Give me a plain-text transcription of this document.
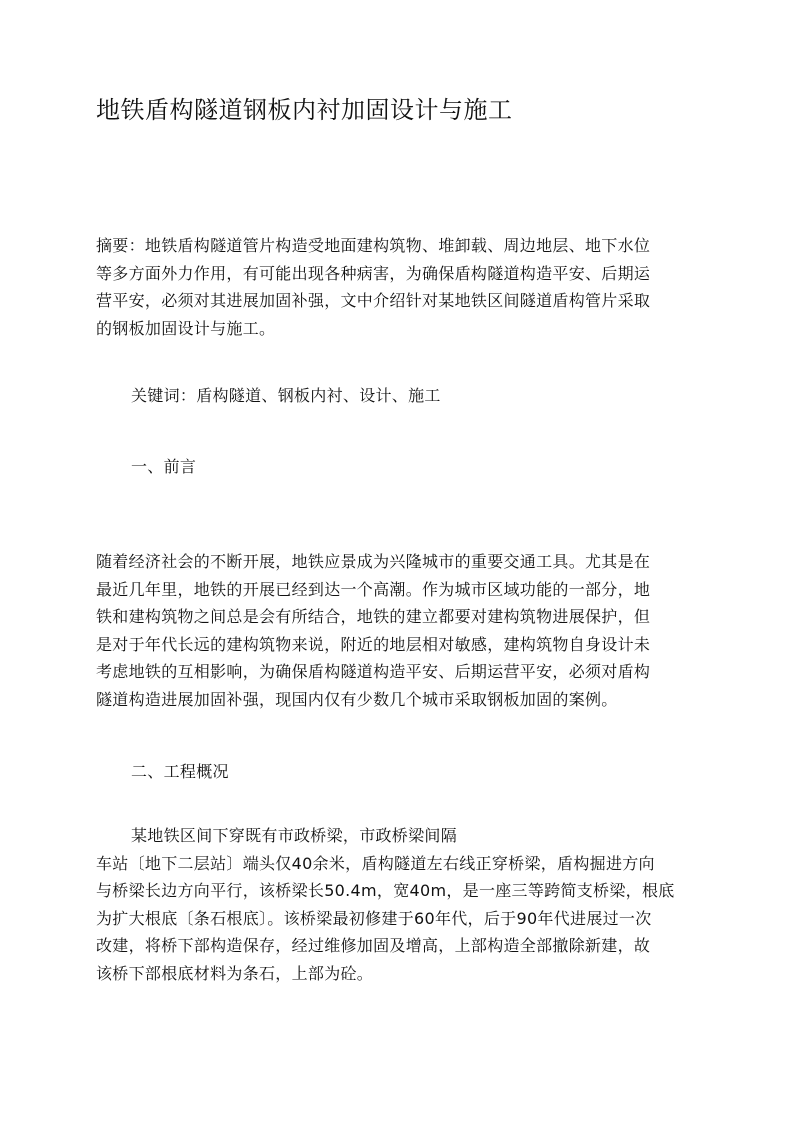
地铁盾构隧道钢板内衬加固设计与施工
摘要：地铁盾构隧道管片构造受地面建构筑物、堆卸载、周边地层、地下水位
等多方面外力作用，有可能出现各种病害，为确保盾构隧道构造平安、后期运
营平安，必须对其进展加固补强，文中介绍针对某地铁区间隧道盾构管片采取
的钢板加固设计与施工。
关键词：盾构隧道、钢板内衬、设计、施工
一、前言
随着经济社会的不断开展，地铁应景成为兴隆城市的重要交通工具。尤其是在
最近几年里，地铁的开展已经到达一个高潮。作为城市区域功能的一部分，地
铁和建构筑物之间总是会有所结合，地铁的建立都要对建构筑物进展保护，但
是对于年代长远的建构筑物来说，附近的地层相对敏感，建构筑物自身设计未
考虑地铁的互相影响，为确保盾构隧道构造平安、后期运营平安，必须对盾构
隧道构造进展加固补强，现国内仅有少数几个城市采取钢板加固的案例。
二、工程概况
某地铁区间下穿既有市政桥梁，市政桥梁间隔
车站〔地下二层站〕端头仅40余米，盾构隧道左右线正穿桥梁，盾构掘进方向
与桥梁长边方向平行，该桥梁长50.4m，宽40m，是一座三等跨简支桥梁，根底
为扩大根底〔条石根底〕。该桥梁最初修建于60年代，后于90年代进展过一次
改建，将桥下部构造保存，经过维修加固及增高，上部构造全部撤除新建，故
该桥下部根底材料为条石，上部为砼。
